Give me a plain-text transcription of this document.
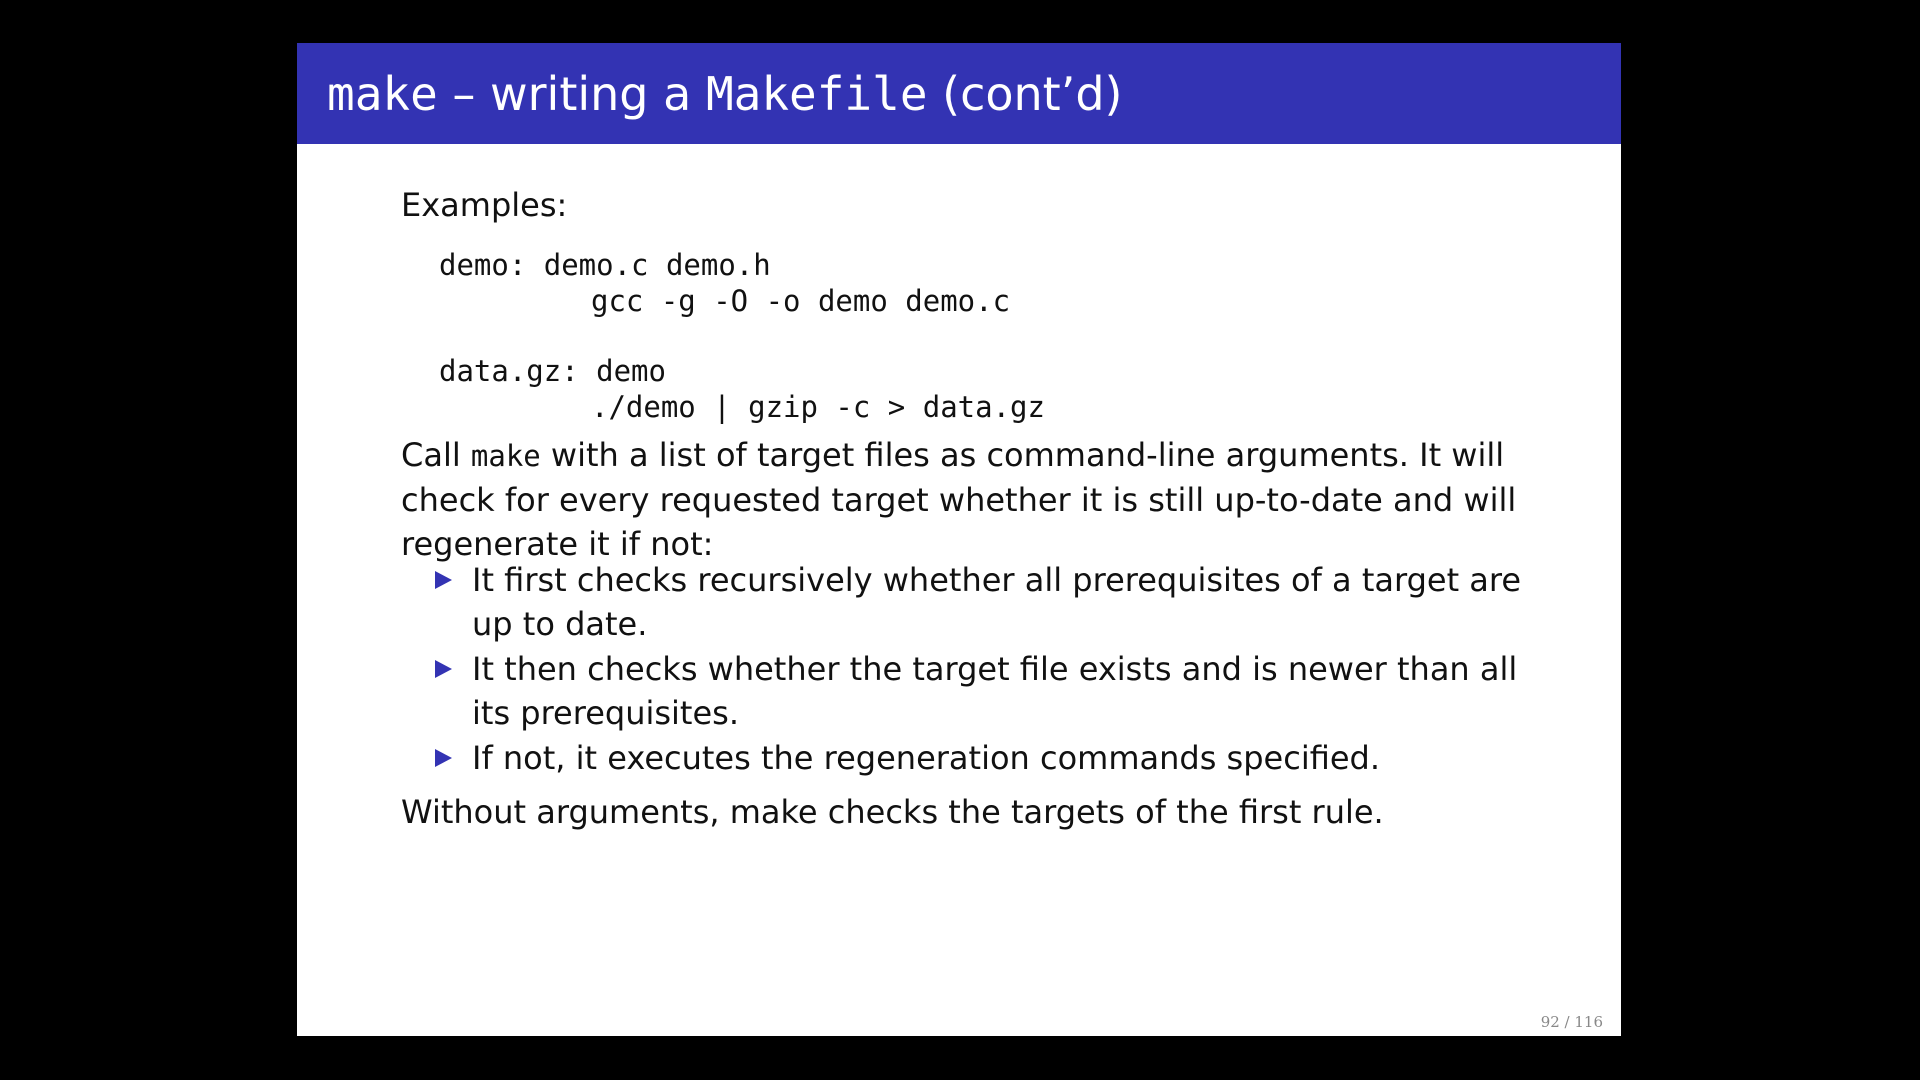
make – writing a Makefile (cont’d)
Examples:
demo: demo.c demo.h
gcc -g -O -o demo demo.c
data.gz: demo
./demo | gzip -c > data.gz
Call make with a list of target files as command-line arguments. It will check for every requested target whether it is still up-to-date and will regenerate it if not:
It first checks recursively whether all prerequisites of a target are up to date.
It then checks whether the target file exists and is newer than all its prerequisites.
If not, it executes the regeneration commands specified.
Without arguments, make checks the targets of the first rule.
92 / 116
